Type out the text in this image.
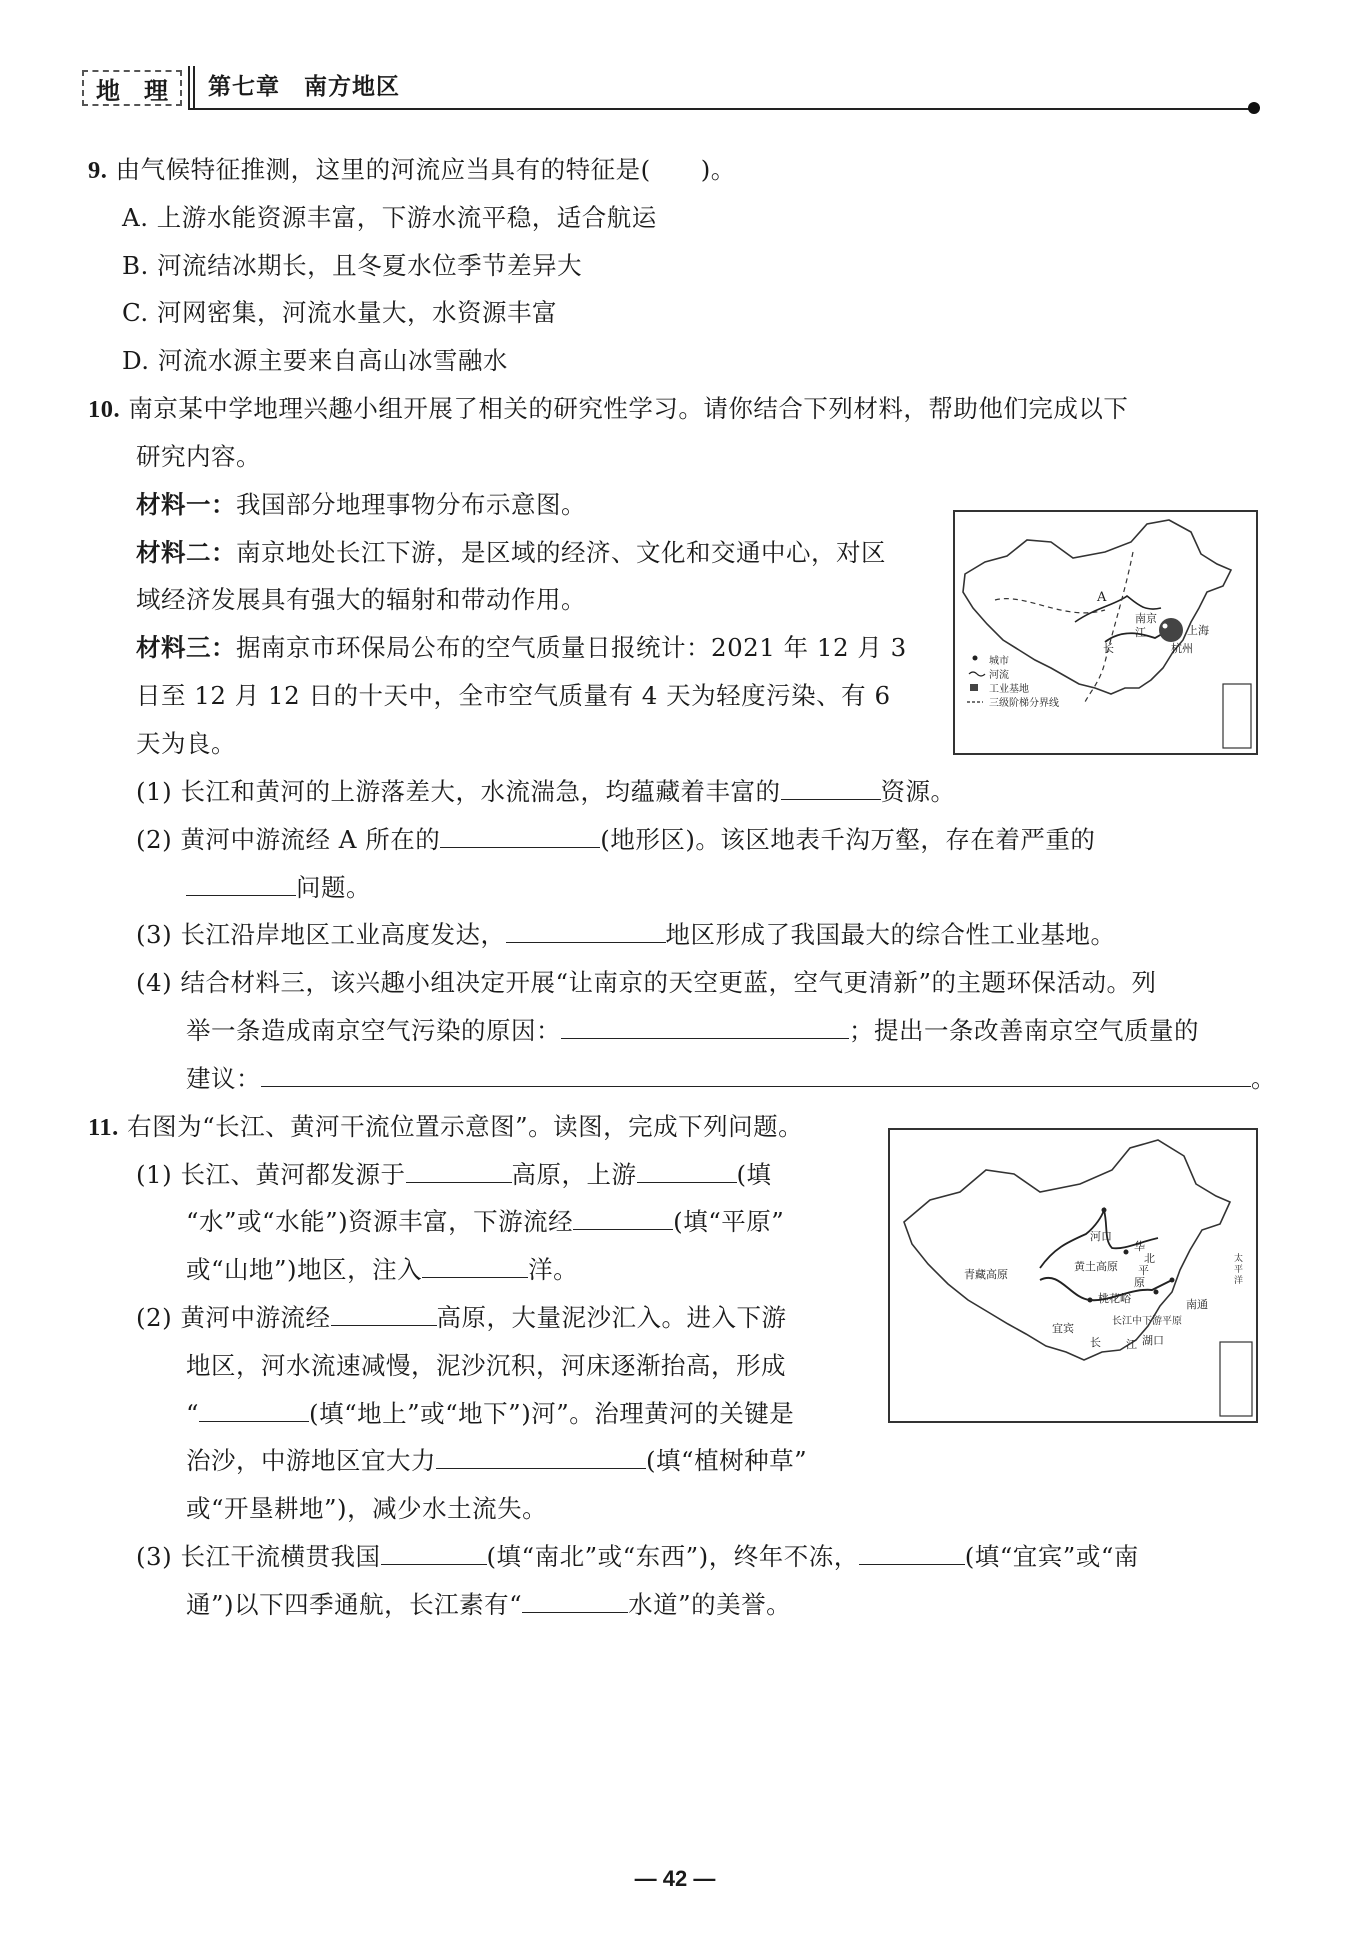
地 理 第七章　南方地区
9. 由气候特征推测，这里的河流应当具有的特征是(　　)。
A. 上游水能资源丰富，下游水流平稳，适合航运
B. 河流结冰期长，且冬夏水位季节差异大
C. 河网密集，河流水量大，水资源丰富
D. 河流水源主要来自高山冰雪融水
10. 南京某中学地理兴趣小组开展了相关的研究性学习。请你结合下列材料，帮助他们完成以下
研究内容。
材料一：我国部分地理事物分布示意图。
材料二：南京地处长江下游，是区域的经济、文化和交通中心，对区
域经济发展具有强大的辐射和带动作用。
材料三：据南京市环保局公布的空气质量日报统计：2021 年 12 月 3
日至 12 月 12 日的十天中，全市空气质量有 4 天为轻度污染、有 6
天为良。
南京
上海
杭州
A
江
长
城市
河流
工业基地
三级阶梯分界线
(1) 长江和黄河的上游落差大，水流湍急，均蕴藏着丰富的	资源。
(2) 黄河中游流经 A 所在的	(地形区)。该区地表千沟万壑，存在着严重的
问题。
(3) 长江沿岸地区工业高度发达，	地区形成了我国最大的综合性工业基地。
(4) 结合材料三，该兴趣小组决定开展“让南京的天空更蓝，空气更清新”的主题环保活动。列
举一条造成南京空气污染的原因：	；提出一条改善南京空气质量的
建议：	。
11. 右图为“长江、黄河干流位置示意图”。读图，完成下列问题。
(1) 长江、黄河都发源于	高原，上游	(填
“水”或“水能”)资源丰富，下游流经	(填“平原”
或“山地”)地区，注入	洋。
(2) 黄河中游流经	高原，大量泥沙汇入。进入下游
地区，河水流速减慢，泥沙沉积，河床逐渐抬高，形成
“	(填“地上”或“地下”)河”。治理黄河的关键是
治沙，中游地区宜大力	(填“植树种草”
或“开垦耕地”)，减少水土流失。
(3) 长江干流横贯我国	(填“南北”或“东西”)，终年不冻，	(填“宜宾”或“南
通”)以下四季通航，长江素有“	水道”的美誉。
青藏高原
河口
黄土高原
华
北
平
原
桃花峪	南通
宜宾
湖口
长江中下游平原
长 江
太平洋
— 42 —
